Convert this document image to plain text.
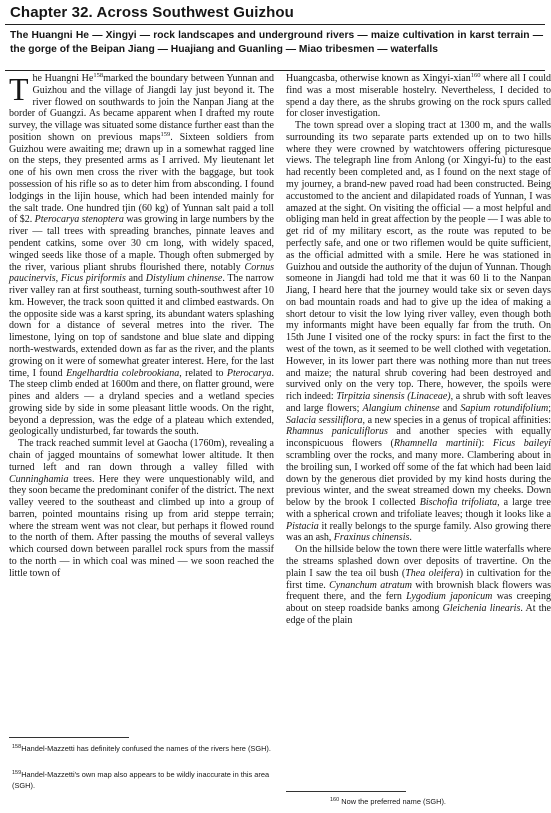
Chapter 32. Across Southwest Guizhou

The Huangni He — Xingyi — rock landscapes and underground rivers — maize cultivation in karst terrain — the gorge of the Beipan Jiang — Huajiang and Guanling — Miao tribesmen — waterfalls

The Huangni He$^{158}$marked the boundary between Yunnan and Guizhou and the village of Jiangdi lay just beyond it. The river flowed on southwards to join the Nanpan Jiang at the border of Guangzi. As became apparent when I drafted my route survey, the village was situated some distance further east than the position shown on previous maps$^{159}$. Sixteen soldiers from Guizhou were awaiting me; drawn up in a somewhat ragged line on the steps, they presented arms as I arrived. My lieutenant let one of his own men cross the river with the baggage, but took possession of his rifle so as to deter him from absconding. I found lodgings in the lijin house, which had been intended mainly for the salt trade. One hundred tjin (60 kg) of Yunnan salt paid a toll of $2. Pterocarya stenoptera was growing in large numbers by the river — tall trees with spreading branches, pinnate leaves and pendent catkins, some over 30 cm long, with widely spaced, winged seeds like those of a maple. Though often submerged by the river, various pliant shrubs flourished there, notably Cornus paucinervis, Ficus piriformis and Distylium chinense. The narrow river valley ran at first southeast, turning south-southwest after 10 km. However, the track soon quitted it and climbed eastwards. On the opposite side was a karst spring, its abundant waters splashing down for a distance of several metres into the river. The limestone, lying on top of sandstone and blue slate and dipping north-westwards, extended down as far as the river, and the plants growing on it were of somewhat greater interest. Here, for the last time, I found Engelhardtia colebrookiana, related to Pterocarya. The steep climb ended at 1600m and there, on flatter ground, were pines and alders — a dryland species and a wetland species growing side by side in some pleasant little woods. On the right, beyond a depression, was the edge of a plateau which extended, geologically undisturbed, far towards the south.

The track reached summit level at Gaocha (1760m), revealing a chain of jagged mountains of somewhat lower altitude. It then turned left and ran down through a valley filled with Cunninghamia trees. Here they were unquestionably wild, and they soon became the predominant conifer of the district. The next valley veered to the southeast and climbed up into a group of barren, pointed mountains rising up from arid steppe terrain; where the stream went was not clear, but perhaps it flowed round to the north of them. After passing the mouths of several valleys which coursed down between parallel rock spurs from the massif to the north — in which coal was mined — we soon reached the little town of

Huangcasba, otherwise known as Xingyi-xian$^{160}$ where all I could find was a most miserable hostelry. Nevertheless, I decided to spend a day there, as the shrubs growing on the rock spurs called for closer investigation.

The town spread over a sloping tract at 1300 m, and the walls surrounding its two separate parts extended up on to two hills where they were crowned by watchtowers offering picturesque views. The telegraph line from Anlong (or Xingyi-fu) to the east had recently been completed and, as I found on the next stage of my journey, a brand-new paved road had been constructed. Being accustomed to the ancient and dilapidated roads of Yunnan, I was amazed at the sight. On visiting the official — a most helpful and obliging man held in great affection by the people — I was able to get rid of my military escort, as the route was reputed to be perfectly safe, and one or two riflemen would be quite sufficient, as the official admitted with a smile. Here he was stationed in Guizhou and outside the authority of the dujun of Yunnan. Though someone in Jiangdi had told me that it was 60 li to the Nanpan Jiang, I heard here that the journey would take six or seven days on bad mountain roads and had to give up the idea of making a short detour to visit the low lying river valley, even though both my informants might have been equally far from the truth. On 15th June I visited one of the rocky spurs: in fact the first to the west of the town, as it seemed to be well clothed with vegetation. However, in its lower part there was nothing more than nut trees and maize; the natural shrub covering had been destroyed and survived only on the very top. There, however, the spoils were rich indeed: Tirpitzia sinensis (Linaceae), a shrub with soft leaves and large flowers; Alangium chinense and Sapium rotundifolium; Salacia sessiliflora, a new species in a genus of tropical affinities: Rhamnus paniculiflorus and another species with equally inconspicuous flowers (Rhamnella martinii): Ficus baileyi scrambling over the rocks, and many more. Clambering about in the broiling sun, I worked off some of the fat which had been laid down by the generous diet provided by my kind hosts during the previous winter, and the sweat streamed down my cheeks. Down below by the brook I collected Bischofia trifoliata, a large tree with a spherical crown and trifoliate leaves; though it looks like a Pistacia it really belongs to the spurge family. Also growing there was an ash, Fraxinus chinensis.

On the hillside below the town there were little waterfalls where the streams splashed down over deposits of travertine. On the plain I saw the tea oil bush (Thea oleifera) in cultivation for the first time. Cynanchum atratum with brownish black flowers was frequent there, and the fern Lygodium japonicum was creeping about on steep roadside banks among Gleichenia linearis. At the edge of the plain

$^{158}$Handel-Mazzetti has definitely confused the names of the rivers here (SGH).

$^{159}$Handel-Mazzetti's own map also appears to be wildly inaccurate in this area (SGH).

$^{160}$ Now the preferred name (SGH).
